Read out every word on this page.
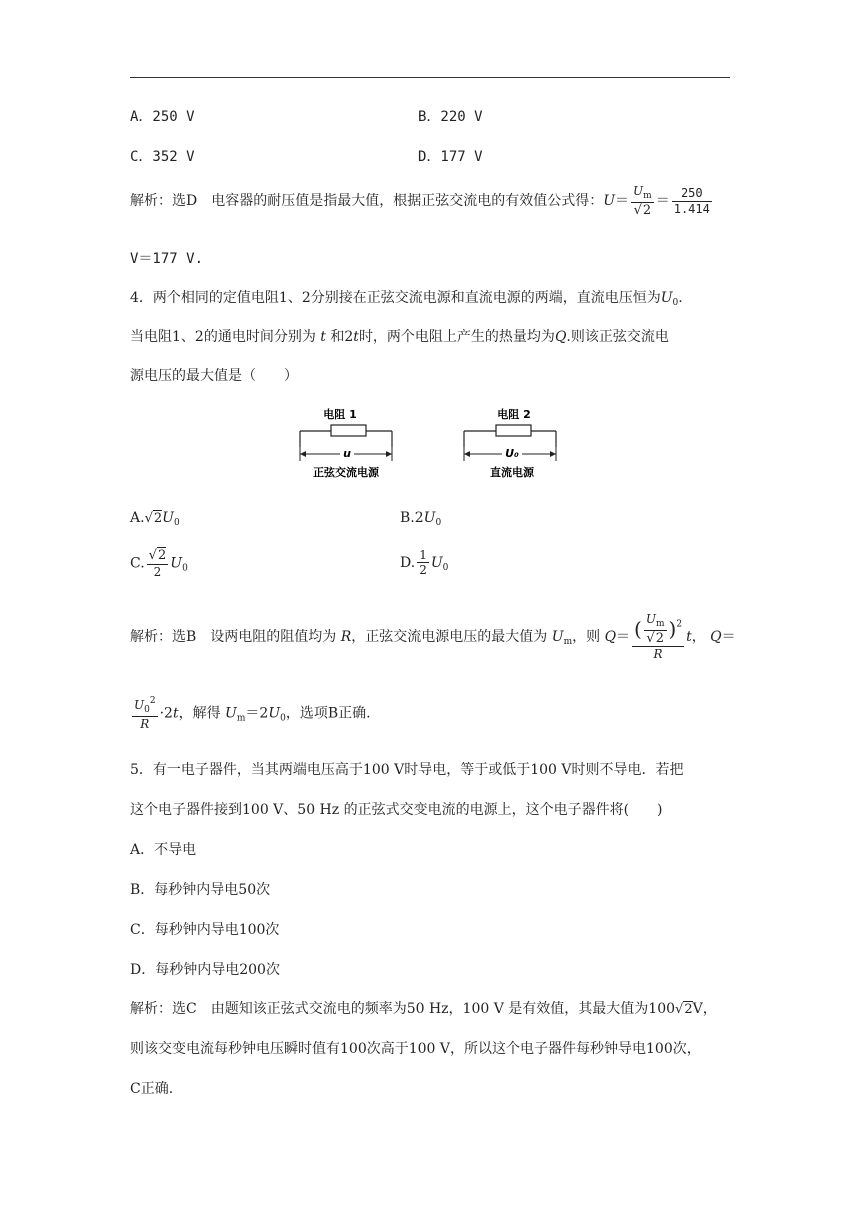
A．250 V	B．220 V
C．352 V	D．177 V
解析：选D　电容器的耐压值是指最大值，根据正弦交流电的有效值公式得：$U= \frac{U_m}{√2} = \frac{250}{1.414}$
V＝177 V.
4．两个相同的定值电阻1、2分别接在正弦交流电源和直流电源的两端，直流电压恒为$U_0$.
当电阻1、2的通电时间分别为 t 和2t时，两个电阻上产生的热量均为Q.则该正弦交流电
源电压的最大值是（　　）
电阻 1
u
正弦交流电源
电阻 2
U₀
直流电源
$A.√2U_0$	$B.2U_0$
C. $\frac{√2}{2} U_0$	D. $\frac{1}{2} U_0$
解析：选B　设两电阻的阻值均为 R，正弦交流电源电压的最大值为 $U_m$，则 $Q= \frac{( \frac{U_m}{√2} )^2}{R}$ t， Q＝
$\frac{U_0^2}{R} \cdot 2t$，解得 $U_m=2U_0$，选项B正确.
5．有一电子器件，当其两端电压高于100 V时导电，等于或低于100 V时则不导电．若把
这个电子器件接到100 V、50 Hz 的正弦式交变电流的电源上，这个电子器件将(　　)
A．不导电
B．每秒钟内导电50次
C．每秒钟内导电100次
D．每秒钟内导电200次
解析：选C　由题知该正弦式交流电的频率为50 Hz，100 V 是有效值，其最大值为100√2V，
则该交变电流每秒钟电压瞬时值有100次高于100 V，所以这个电子器件每秒钟导电100次，
C正确.
